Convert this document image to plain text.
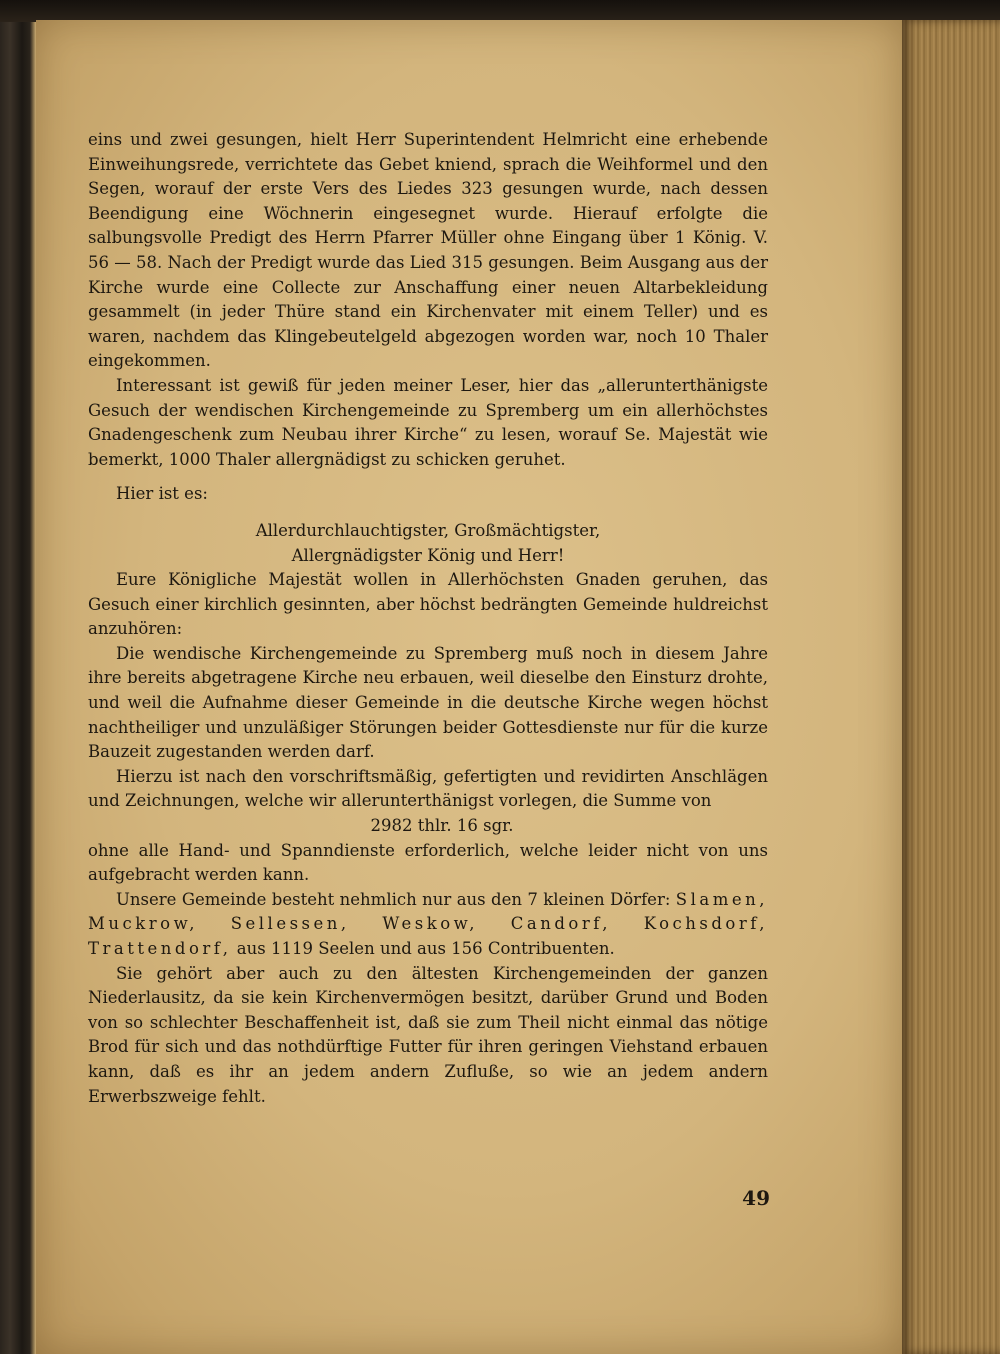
eins und zwei gesungen, hielt Herr Superintendent Helmricht eine erhebende Einweihungsrede, verrichtete das Gebet kniend, sprach die Weihformel und den Segen, worauf der erste Vers des Liedes 323 gesungen wurde, nach dessen Beendigung eine Wöchnerin eingesegnet wurde. Hierauf erfolgte die salbungsvolle Predigt des Herrn Pfarrer Müller ohne Eingang über 1 König. V. 56 — 58. Nach der Predigt wurde das Lied 315 gesungen. Beim Ausgang aus der Kirche wurde eine Collecte zur Anschaffung einer neuen Altarbekleidung gesammelt (in jeder Thüre stand ein Kirchenvater mit einem Teller) und es waren, nachdem das Klingebeutelgeld abgezogen worden war, noch 10 Thaler eingekommen.

Interessant ist gewiß für jeden meiner Leser, hier das „allerunterthänigste Gesuch der wendischen Kirchengemeinde zu Spremberg um ein allerhöchstes Gnadengeschenk zum Neubau ihrer Kirche“ zu lesen, worauf Se. Majestät wie bemerkt, 1000 Thaler allergnädigst zu schicken geruhet.

Hier ist es:

Allerdurchlauchtigster, Großmächtigster,

Allergnädigster König und Herr!

Eure Königliche Majestät wollen in Allerhöchsten Gnaden geruhen, das Gesuch einer kirchlich gesinnten, aber höchst bedrängten Gemeinde huldreichst anzuhören:

Die wendische Kirchengemeinde zu Spremberg muß noch in diesem Jahre ihre bereits abgetragene Kirche neu erbauen, weil dieselbe den Einsturz drohte, und weil die Aufnahme dieser Gemeinde in die deutsche Kirche wegen höchst nachtheiliger und unzuläßiger Störungen beider Gottesdienste nur für die kurze Bauzeit zugestanden werden darf.

Hierzu ist nach den vorschriftsmäßig, gefertigten und revidirten Anschlägen und Zeichnungen, welche wir allerunterthänigst vorlegen, die Summe von

2982 thlr. 16 sgr.

ohne alle Hand- und Spanndienste erforderlich, welche leider nicht von uns aufgebracht werden kann.

Unsere Gemeinde besteht nehmlich nur aus den 7 kleinen Dörfer: Slamen, Muckrow, Sellessen, Weskow, Candorf, Kochsdorf, Trattendorf, aus 1119 Seelen und aus 156 Contribuenten.

Sie gehört aber auch zu den ältesten Kirchengemeinden der ganzen Niederlausitz, da sie kein Kirchenvermögen besitzt, darüber Grund und Boden von so schlechter Beschaffenheit ist, daß sie zum Theil nicht einmal das nötige Brod für sich und das nothdürftige Futter für ihren geringen Viehstand erbauen kann, daß es ihr an jedem andern Zufluße, so wie an jedem andern Erwerbszweige fehlt.

49
